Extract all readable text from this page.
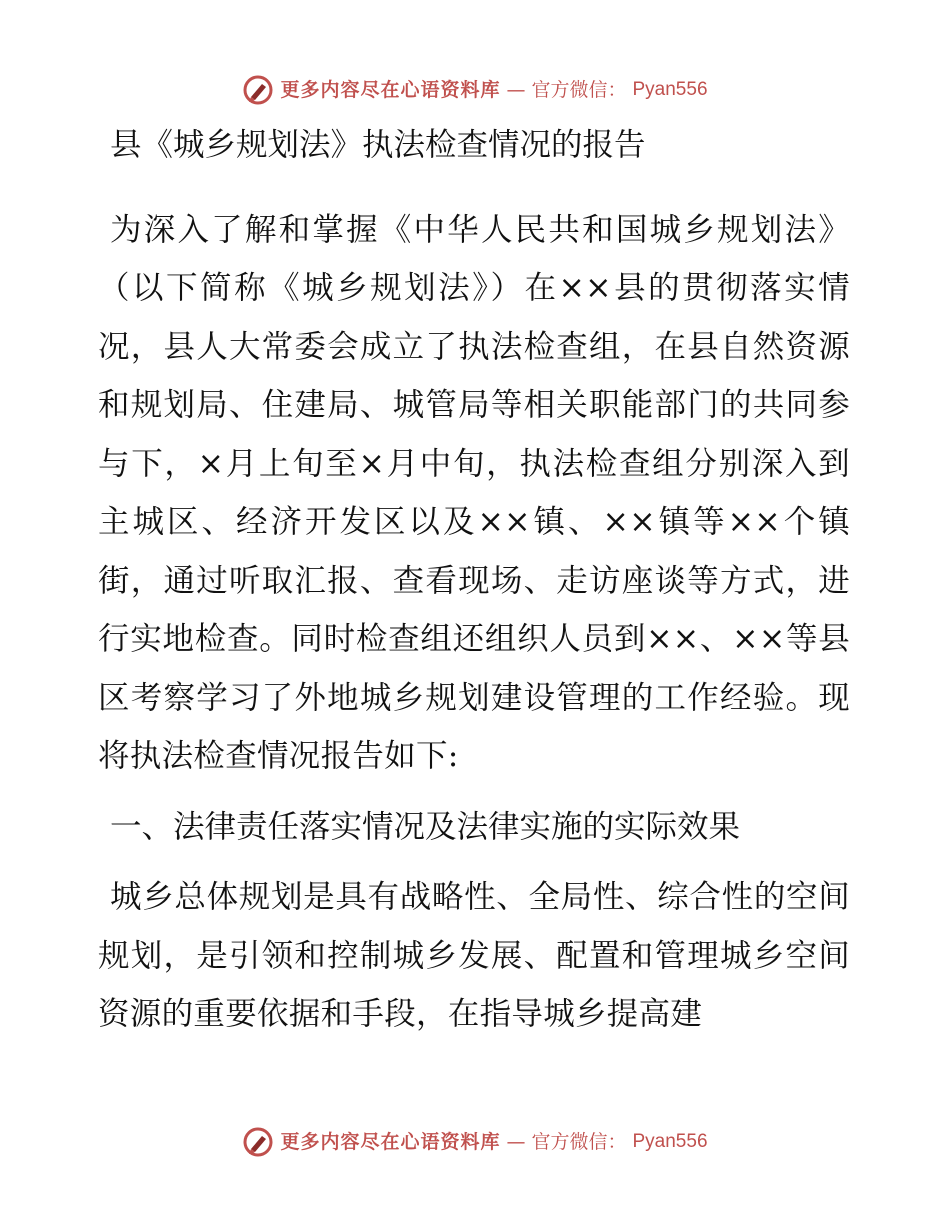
更多内容尽在心语资料库 — 官方微信： Pyan556
县《城乡规划法》执法检查情况的报告

为深入了解和掌握《中华人民共和国城乡规划法》（以下简称《城乡规划法》）在××县的贯彻落实情况，县人大常委会成立了执法检查组，在县自然资源和规划局、住建局、城管局等相关职能部门的共同参与下，×月上旬至×月中旬，执法检查组分别深入到主城区、经济开发区以及××镇、××镇等××个镇街，通过听取汇报、查看现场、走访座谈等方式，进行实地检查。同时检查组还组织人员到××、××等县区考察学习了外地城乡规划建设管理的工作经验。现将执法检查情况报告如下:

一、法律责任落实情况及法律实施的实际效果

城乡总体规划是具有战略性、全局性、综合性的空间规划，是引领和控制城乡发展、配置和管理城乡空间资源的重要依据和手段，在指导城乡提高建

更多内容尽在心语资料库 — 官方微信： Pyan556
